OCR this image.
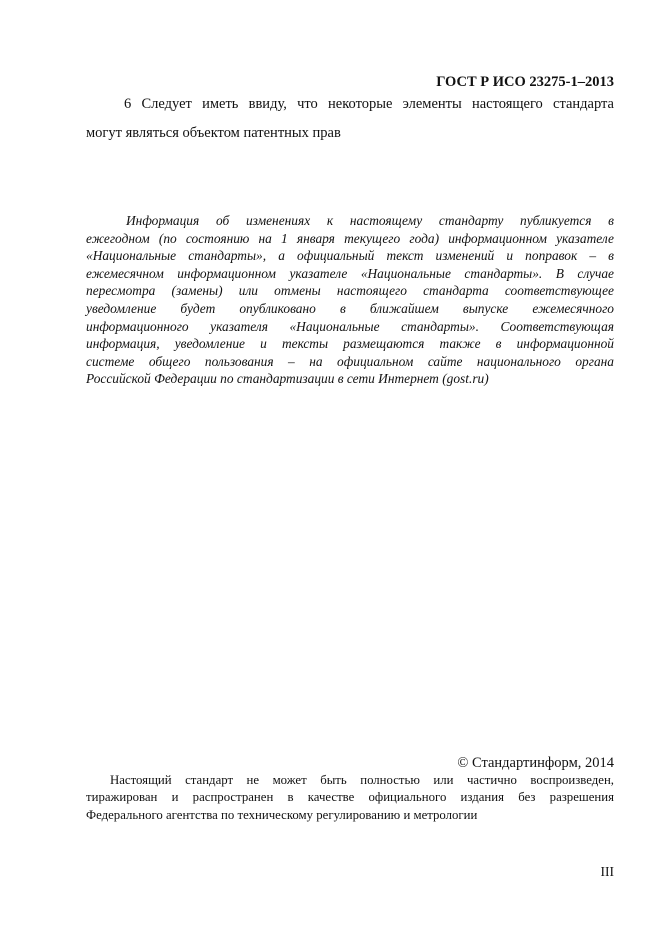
ГОСТ Р ИСО 23275-1–2013
6 Следует иметь ввиду, что некоторые элементы настоящего стандарта
могут являться объектом патентных прав
Информация об изменениях к настоящему стандарту публикуется в
ежегодном (по состоянию на 1 января текущего года) информационном указателе
«Национальные стандарты», а официальный текст изменений и поправок – в
ежемесячном информационном указателе «Национальные стандарты». В случае
пересмотра (замены) или отмены настоящего стандарта соответствующее
уведомление будет опубликовано в ближайшем выпуске ежемесячного
информационного указателя «Национальные стандарты». Соответствующая
информация, уведомление и тексты размещаются также в информационной
системе общего пользования – на официальном сайте национального органа
Российской Федерации по стандартизации в сети Интернет (gost.ru)
© Стандартинформ, 2014
Настоящий стандарт не может быть полностью или частично воспроизведен,
тиражирован и распространен в качестве официального издания без разрешения
Федерального агентства по техническому регулированию и метрологии
III
